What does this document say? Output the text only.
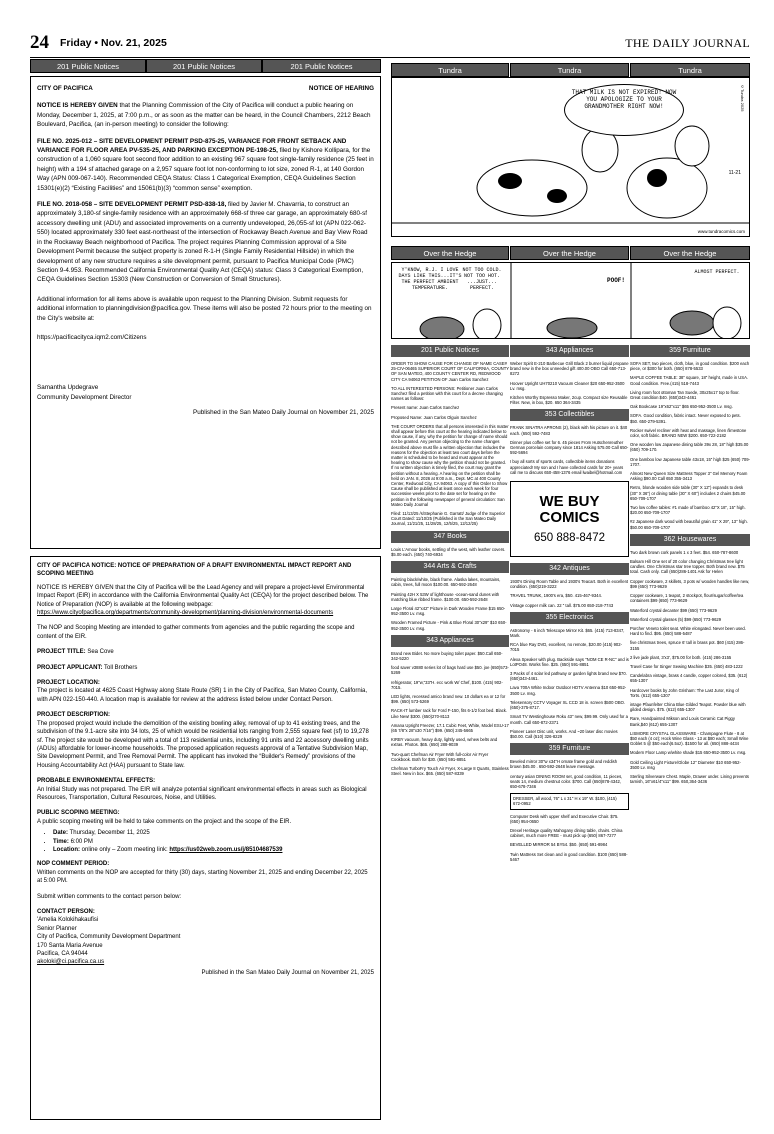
24 Friday • Nov. 21, 2025	THE DAILY JOURNAL
201 Public Notices	201 Public Notices	201 Public Notices	Tundra	Tundra	Tundra
CITY OF PACIFICA	NOTICE OF HEARING

NOTICE IS HEREBY GIVEN that the Planning Commission of the City of Pacifica will conduct a public hearing on Monday, December 1, 2025, at 7:00 p.m., or as soon as the matter can be heard, in the Council Chambers, 2212 Beach Boulevard, Pacifica, (an in-person meeting) to consider the following:

FILE NO. 2025-012 – SITE DEVELOPMENT PERMIT PSD-875-25, VARIANCE FOR FRONT SETBACK AND VARIANCE FOR FLOOR AREA PV-535-25, AND PARKING EXCEPTION PE-198-25, filed by Kishore Kollipara, for the construction of a 1,060 square foot second floor addition to an existing 967 square foot single-family residence (25 feet in height) with a 194 sf attached garage on a 2,957 square foot lot non-conforming to lot size, zoned R-1, at 140 Gordon Way (APN 009-067-140). Recommended CEQA Status: Class 1 Categorical Exemption, CEQA Guidelines Section 15301(e)(2) “Existing Facilities” and 15061(b)(3) “common sense” exemption.

FILE NO. 2018-058 – SITE DEVELOPMENT PERMIT PSD-838-18, filed by Javier M. Chavarria, to construct an approximately 3,180-sf single-family residence with an approximately 668-sf three car garage, an approximately 680-sf accessory dwelling unit (ADU) and associated improvements on a currently undeveloped, 26,055-sf lot (APN 022-062-550) located approximately 330 feet east-northeast of the intersection of Rockaway Beach Avenue and Bay View Road in the Rockaway Beach neighborhood of Pacifica. The project requires Planning Commission approval of a Site Development Permit because the subject property is zoned R-1-H (Single Family Residential Hillside) in which the development of any new structure requires a site development permit, pursuant to Pacifica Municipal Code (PMC) Section 9-4.953. Recommended California Environmental Quality Act (CEQA) status: Class 3 Categorical Exemption, CEQA Guidelines Section 15303 (New Construction or Conversion of Small Structures).

Additional information for all items above is available upon request to the Planning Division. Submit requests for additional information to planningdivision@pacifica.gov. These items will also be posted 72 hours prior to the meeting on the City's website at:

https://pacificacityca.iqm2.com/Citizens

Samantha Updegrave
Community Development Director
Published in the San Mateo Daily Journal on November 21, 2025
CITY OF PACIFICA NOTICE: NOTICE OF PREPARATION OF A DRAFT ENVIRONMENTAL IMPACT REPORT AND SCOPING MEETING

NOTICE IS HEREBY GIVEN that the City of Pacifica will be the Lead Agency and will prepare a project-level Environmental Impact Report (EIR) in accordance with the California Environmental Quality Act (CEQA) for the project described below. The Notice of Preparation (NOP) is available at the following webpage:

https://www.cityofpacifica.org/departments/community-development/planning-division/environmental-documents

The NOP and Scoping Meeting are intended to gather comments from agencies and the public regarding the scope and content of the EIR.

PROJECT TITLE: Sea Cove

PROJECT APPLICANT: Toll Brothers

PROJECT LOCATION:

The project is located at 4625 Coast Highway along State Route (SR) 1 in the City of Pacifica, San Mateo County, California, with APN 022-150-440. A location map is available for review at the address listed below under Contact Person.

PROJECT DESCRIPTION:

The proposed project would include the demolition of the existing bowling alley, removal of up to 41 existing trees, and the subdivision of the 9.1-acre site into 34 lots, 25 of which would be residential lots ranging from 2,555 square feet (sf) to 19,278 sf. The project site would be developed with a total of 113 residential units, including 91 units and 22 accessory dwelling units (ADUs) affordable for lower-income households. The proposed application requests approval of a Tentative Subdivision Map, Site Development Permit, and Tree Removal Permit. The applicant has invoked the “Builder's Remedy” provisions of the Housing Accountability Act (HAA) pursuant to State law.

PROBABLE ENVIRONMENTAL EFFECTS:

An Initial Study was not prepared. The EIR will analyze potential significant environmental effects in areas such as Biological Resources, Transportation, Cultural Resources, Noise, and Utilities.

PUBLIC SCOPING MEETING:

A public scoping meeting will be held to take comments on the project and the scope of the EIR.

• Date: Thursday, December 11, 2025
• Time: 6:00 PM
• Location: online only – Zoom meeting link: https://us02web.zoom.us/j/85104687539
NOP COMMENT PERIOD:

Written comments on the NOP are accepted for thirty (30) days, starting November 21, 2025 and ending December 22, 2025 at 5:00 PM.

Submit written comments to the contact person below:

CONTACT PERSON:
'Amelia Kolokihakaufisi
Senior Planner
City of Pacifica, Community Development Department
170 Santa Maria Avenue
Pacifica, CA 94044
akoloki@ci.pacifica.ca.us
Published in the San Mateo Daily Journal on November 21, 2025
THAT MILK IS NOT EXPIRED! NOW YOU APOLOGIZE TO YOUR GRANDMOTHER RIGHT NOW!	©Tundra 2025
11-21
www.tundracomics.com
Over the Hedge	Over the Hedge	Over the Hedge
Y'KNOW, R.J. I LOVE DAYS LIKE THIS...IT'S THE PERFECT AMBIENT TEMPERATURE.
NOT TOO COLD. NOT TOO HOT. ...JUST... PERFECT.
POOF!
ALMOST PERFECT.
201 Public Notices
ORDER TO SHOW CAUSE FOR CHANGE OF NAME CASE# 25-CIV-06465 SUPERIOR COURT OF CALIFORNIA, COUNTY OF SAN MATEO, 400 COUNTY CENTER RD, REDWOOD CITY CA 94063 PETITION OF Juan Carlos Sanchez
TO ALL INTERESTED PERSONS: Petitioner Juan Carlos Sanchez filed a petition with this court for a decree changing names as follows:
Present name: Juan Carlos Sanchez
Proposed Name: Juan Carlos Olguin Sanchez
THE COURT ORDERS that all persons interested in this matter shall appear before this court at the hearing indicated below to show cause, if any, why the petition for change of name should not be granted. Any person objecting to the name changes described above must file a written objection that includes the reasons for the objection at least two court days before the matter is scheduled to be heard and must appear at the hearing to show cause why the petition should not be granted. If no written objection is timely filed, the court may grant the petition without a hearing. A hearing on the petition shall be held on JAN. 8, 2026 at 9:00 a.m., Dept. MC at 400 County Center, Redwood City, CA 94063. A copy of this Order to Show Cause shall be published at least once each week for four successive weeks prior to the date set for hearing on the petition in the following newspaper of general circulation: San Mateo Daily Journal
Filed: 11/13/25 /s/Stephanie G. Garratt/ Judge of the Superior Court Dated: 11/10/25 (Published in the San Mateo Daily Journal, 11/21/25, 11/28/25, 12/5/25, 12/12/25)
347 Books
Louis L'Amour books, settling of the west, with leather covers. $5.00 each. (650) 740-6934
344 Arts & Crafts
Painting black/white, black frame. Alaska lakes, mountains, cabin, trees, full moon $100.00. 650-592-2648
Painting 42H X 53W of lighthouse -ocean-sand dunes with matching blue ribbed frame. $100.00. 650-592-2648
Large Floral 42"x42" Picture in Dark Wooden Frame $15 650-952-3500 Lv. msg.
Wooden Framed Picture - Pink & Blue Floral 30"x29" $10 650-952-3500 Lv. msg.
343 Appliances
Brand new Bidet. No more buying toilet paper. $50.Call 650-342-5220
food saver v3880 series lot of bags hard use $50. joe (650)573-5269
refrigerator, 19"w,"33"H. ecc work W/ Chef, $100. (415) 902-7015.
LED lights, recessed amico brand new. 10 dollars ea or 12 for $99. (650) 573-5269
RACK-IT lumber rack for Ford F-150, fits 6-1/2 foot bed. Black. Like New! $300. (650)270-8113
Amana Upright Freezer, 17.1 Cubic Feet, White, Model ESU-17 (65 7/8"x 28"x30 7/16") $99. (650) 245-5665
KIRBY vacuum, heavy duty, lightly used, w/new belts and extras. Photos. $65. (650) 288-9039
Two-quart Chefman Air Fryer With full-color Air Fryer Cookbook. Both for $30. (650) 591-8851
Chefman TurboFry Touch Air Fryer, X-Large 8 Quarts, Stainless Steel. New in box. $65. (650) 587-8339
343 Appliances
Weber Spirit E-210 Barbecue Grill Black 2 burner liquid propane brand new in the box unneeded gift 400.00 OBO Call 650-713-8272
Hoover Upright UH70210 Vacuum Cleaner $20 650-952-3500 Lv. msg.
Kitchen Worthy Espresso Maker, 2cup. Compact size Reusable Filter. New, in box, $20. 650 364-3435
353 Collectibles
FRANK SINATRA APRONS (2), black with his picture on it. $40 each. (650) 592-7483
Dinner plus coffee set for 6. 45 pieces From Hutschenreuther German porcelain company since 1814 Asking 575.00 Call 650-592-5694
I buy all sorts of sports cards, collectible items donations appreciated! My son and I have collected cards for 20+ years call me to discuss 650-458-1376 email lwaibel@hotmail.com
WE BUY
COMICS
650 888-8472
342 Antiques
1930's Dining Room Table and 1930's Teacart. Both in excellent condition. (650)219-3222
TRAVEL TRUNK, 1900's era, $50. 415-467-9344.
Vintage copper milk can. 22 " tall. $75.00 650-218-7743
355 Electronics
Astronomy - 6 inch Telescope Mirror Kit. $65. (415) 713-8347, Mark.
RCA blue Ray DVD, excellent, no remote, $20.00 (415) 902-7015
Alexa Speaker with plug. Backside says "NOM CE R-NC" and is LotPO48. Works fine. $25. (650) 591-8851
3 Packs of 4 solar led pathway or garden lights brand new $70. (650)343-4461.
Lava 700A White Indoor Outdoor HDTV Antenna $10 650-952-3500 Lv. msg.
Telesensory CCTV Voyager XL CCD 18 in. screen $500 OBO. (650)-375-8717.
Smart TV Westinghouse Roku 43" new, $99.99. Only used for a month. Call 650-872-2371
Pioneer Laser Disc unit, works. And ~20 laser disc movies $50.00. Call (510) 326-8229
359 Furniture
Beveled mirror 30"w x34"H ornate frame gold and reddish brown $45.00 . 650-592-2648 leave message.
century asian DINING ROOM set, good condition, 11 pieces, seats 14, medium chestnut color. $700. Call (650)878-4342, 650-678-7346
DRESSER, all wood, 76" L x 31" H x 19" W. $100, (415) 672-0952
Computer Desk with upper shelf and Executive Chair. $75. (650) 954-0650
Drexel Heritage quality Mahogany dining table, chairs. China cabinet, much more FREE - must pick up (650) 867-7277
BEVELLED MIRROR 54 BY54. $50. (650) 591-8984
Twin Mattress Set clean and in good condition. $100 (650) 588-5467
359 Furniture
SOFA SET, two pieces, cloth, blue, in good condition. $200 each piece, or $300 for both. (650) 878-5533
MAPLE COFFEE TABLE: 38" square, 18" height, made in USA. Good condition. Free.(415) 518-7443
Living room foot ottoman Tan Suede, 30x25x17 top to floor. Great condition $40. (650)343-4461
Oak Bookcase 19"x62"x11" $65 650-952-3500 Lv. msg.
SOFA. Good condition, fabric intact. Never exposed to pets. $50. 650-279-5391.
Rocker swivel recliner with heat and massage, linen /limestone color, soft fabric. BRAND NEW $200. 650-722-2182
One wooden low Japanese dining table 39x 28, 18" high $35.00 (650) 709-170.
One bamboo low Japanese table 43x18, 15" high $25 (650) 709-1707.
Almost New Queen Size Mattress Topper 3" Gel Memory Foam Asking $90.00 Call 650 355-3413
Retro, blonde wooden side table (30" X 12") expands to desk (30" X 36") or dining table (30" X 60") includes 2 chairs $45.00 650-709-1707
Two low coffee tables: #1 made of bamboo 42"X 18", 15" high. $20.00 650-709-1707
#2 Japanese dark wood with beautiful grain 41" X 29", 13" high. $50.00 650-709-1707
362 Housewares
Two dark brown cork panels 1 x 3 feet. $54. 650-787-8600
Balsam Hill One set of 20 color changing Christmas tree light candles. One Christmas star tree topper. Both brand new. $75 total. Cash only. Call (650)286-1401 Ask for Helen
Copper cookware, 2 skillets, 3 pots w/ wooden handles like new, $99 (650) 773-9629
Copper cookware, 1 teapot, 2 stockpot, flour/sugar/coffee/tea containers $99 (650) 773-9629
Waterford crystal decanter $99 (650) 773-9629
Waterford crystal glasses (5) $99 (650) 773-9629
Porcher Veneto toilet seat. White elongated. Never been used. Hard to find. $95. (650) 588-5487
five christmas trees, spruce 6' tall in brass pot. $60 (415) 286-3155
2 live jade plant, 3'x3', $75.00 for both. (415) 286-3155
Travel Case for Singer Sewing Machine $35. (650) 483-1222
Candelabra vintage, brass 4 candle, copper colored, $35. (612) 655-1307
Hardcover books by John Grisham: The Last Juror, King of Torts. (612) 655-1307
intage Pfaunfelter China Blue Gilded Teapot. Powder blue with gilded design. $75. (612) 655-1307
Rare, Handpainted Mikson and Louis Ceramic Cat Piggy Bank,$40 (612) 655-1307
LISMORE CRYSTAL GLASSWARE - Champagne Flute - 8 at $50 each (4 oz); Hock Wine Glass - 13 at $80 each; Small Wine Goblet 5 @ $50 each(6.5oz). $1500 for all. (650) 888-4434
Modern Floor Lamp w/white shade $15 650-952-3500 Lv. msg.
Gold Ceiling Light Fixture/Globe 12" Diameter $10 650-952-3500 Lv. msg
Sterling Silverware Chest. Maple, Drawer under. Lining prevents tarnish, 16"x61/4"x11" $99. 650,364-3436
